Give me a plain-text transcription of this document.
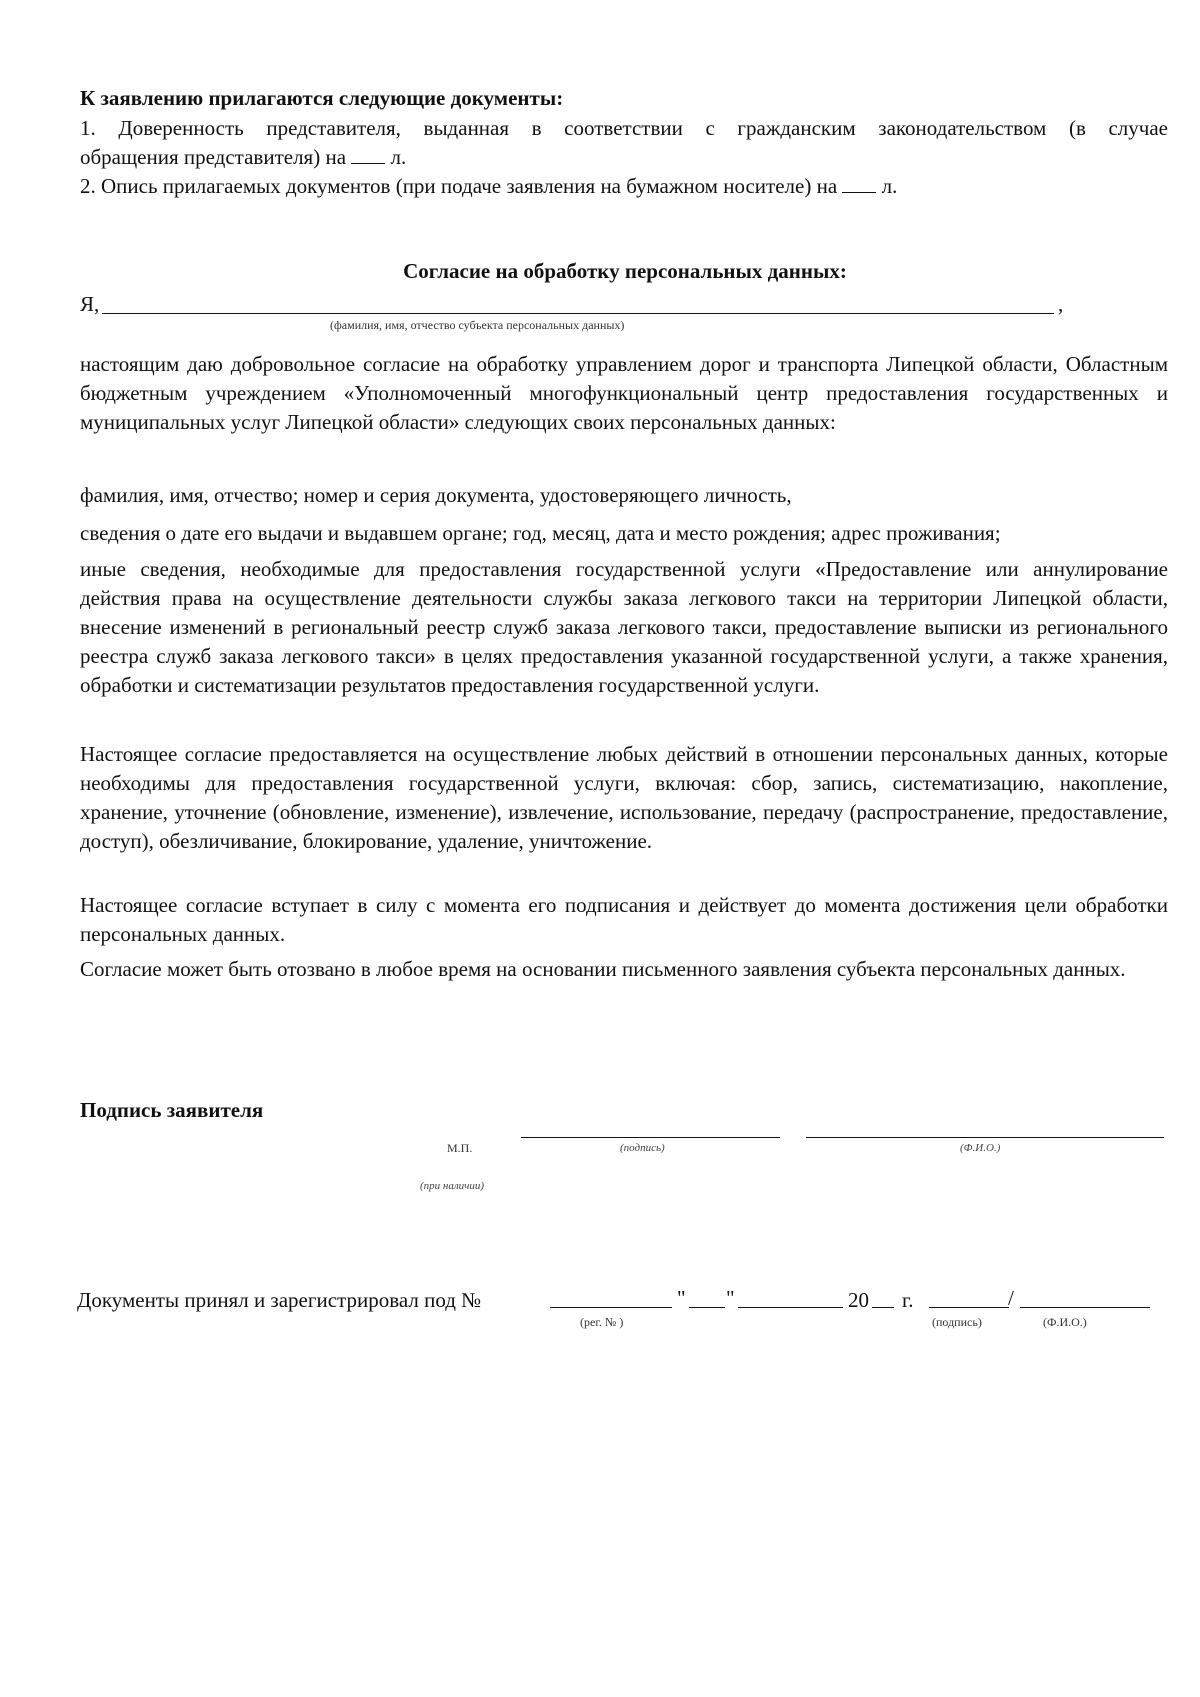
К заявлению прилагаются следующие документы:
1. Доверенность представителя, выданная в соответствии с гражданским законодательством (в случае
обращения представителя) на л.
2. Опись прилагаемых документов (при подаче заявления на бумажном носителе) на л.
Согласие на обработку персональных данных:
Я,	,
(фамилия, имя, отчество субъекта персональных данных)
настоящим даю добровольное согласие на обработку управлением дорог и транспорта Липецкой области, Областным бюджетным учреждением «Уполномоченный многофункциональный центр предоставления государственных и муниципальных услуг Липецкой области» следующих своих персональных данных:
фамилия, имя, отчество; номер и серия документа, удостоверяющего личность,
сведения о дате его выдачи и выдавшем органе; год, месяц, дата и место рождения; адрес проживания;
иные сведения, необходимые для предоставления государственной услуги «Предоставление или аннулирование действия права на осуществление деятельности службы заказа легкового такси на территории Липецкой области, внесение изменений в региональный реестр служб заказа легкового такси, предоставление выписки из регионального реестра служб заказа легкового такси» в целях предоставления указанной государственной услуги, а также хранения, обработки и систематизации результатов предоставления государственной услуги.
Настоящее согласие предоставляется на осуществление любых действий в отношении персональных данных, которые необходимы для предоставления государственной услуги, включая: сбор, запись, систематизацию, накопление, хранение, уточнение (обновление, изменение), извлечение, использование, передачу (распространение, предоставление, доступ), обезличивание, блокирование, удаление, уничтожение.
Настоящее согласие вступает в силу с момента его подписания и действует до момента достижения цели обработки персональных данных.
Согласие может быть отозвано в любое время на основании письменного заявления субъекта персональных данных.
Подпись заявителя
М.П.
(при наличии)
(подпись)	(Ф.И.О.)
Документы принял и зарегистрировал под №	" "	20 г.	/
(рег. № )	(подпись)	(Ф.И.О.)
